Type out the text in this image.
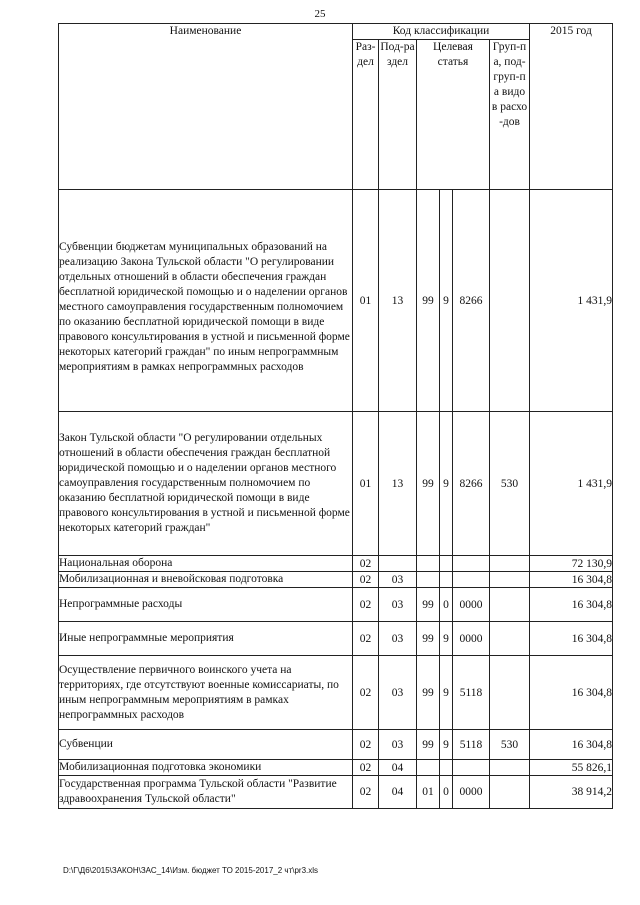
25
Наименование	Код классификации						2015 год

	Раз-дел	Под-раздел	Целевая статья			Груп-па, под-груп-па видов расхо-дов	

Субвенции бюджетам муниципальных образований на реализацию Закона Тульской области "О регулировании отдельных отношений в области обеспечения граждан бесплатной юридической помощью и о наделении органов местного самоуправления государственным полномочием по оказанию бесплатной юридической помощи в виде правового консультирования в устной и письменной форме некоторых категорий граждан" по иным непрограммным мероприятиям в рамках непрограммных расходов	01	13	99	9	8266		1 431,9
Закон Тульской области "О регулировании отдельных отношений в области обеспечения граждан бесплатной юридической помощью и о наделении органов местного самоуправления государственным полномочием по оказанию бесплатной юридической помощи в виде правового консультирования в устной и письменной форме некоторых категорий граждан"	01	13	99	9	8266	530	1 431,9
Национальная оборона	02						72 130,9
Мобилизационная и вневойсковая подготовка	02	03					16 304,8
Непрограммные расходы	02	03	99	0	0000		16 304,8
Иные непрограммные мероприятия	02	03	99	9	0000		16 304,8
Осуществление первичного воинского учета на территориях, где отсутствуют военные комиссариаты, по иным непрограммным мероприятиям в рамках непрограммных расходов	02	03	99	9	5118		16 304,8
Субвенции	02	03	99	9	5118	530	16 304,8
Мобилизационная подготовка экономики	02	04					55 826,1
Государственная программа Тульской области "Развитие здравоохранения Тульской области"	02	04	01	0	0000		38 914,2
D:\Г\Д6\2015\ЗАКОН\ЗАС_14\Изм. бюджет ТО 2015-2017_2 чт\pr3.xls
